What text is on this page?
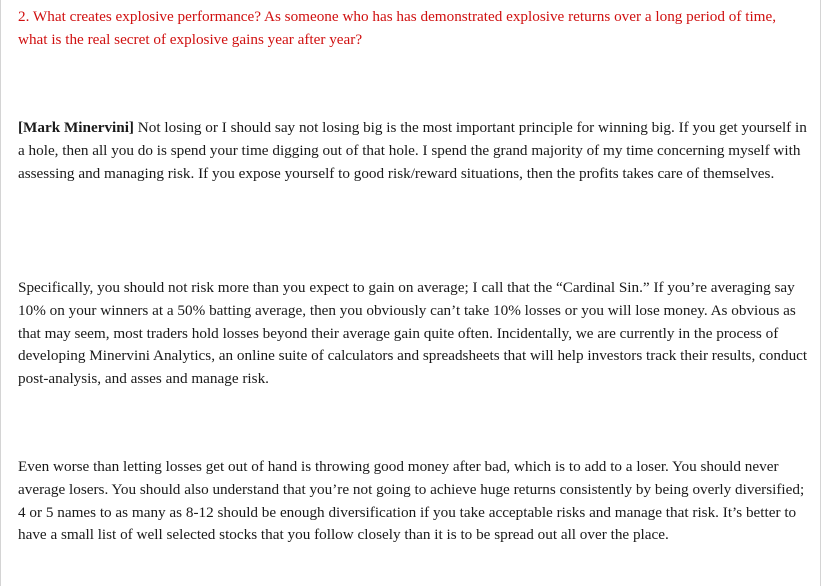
2. What creates explosive performance? As someone who has has demonstrated explosive returns over a long period of time, what is the real secret of explosive gains year after year?

[Mark Minervini] Not losing or I should say not losing big is the most important principle for winning big. If you get yourself in a hole, then all you do is spend your time digging out of that hole. I spend the grand majority of my time concerning myself with assessing and managing risk. If you expose yourself to good risk/reward situations, then the profits takes care of themselves.

Specifically, you should not risk more than you expect to gain on average; I call that the “Cardinal Sin.” If you’re averaging say 10% on your winners at a 50% batting average, then you obviously can’t take 10% losses or you will lose money. As obvious as that may seem, most traders hold losses beyond their average gain quite often. Incidentally, we are currently in the process of developing Minervini Analytics, an online suite of calculators and spreadsheets that will help investors track their results, conduct post-analysis, and asses and manage risk.

Even worse than letting losses get out of hand is throwing good money after bad, which is to add to a loser. You should never average losers. You should also understand that you’re not going to achieve huge returns consistently by being overly diversified; 4 or 5 names to as many as 8-12 should be enough diversification if you take acceptable risks and manage that risk. It’s better to have a small list of well selected stocks that you follow closely than it is to be spread out all over the place.
